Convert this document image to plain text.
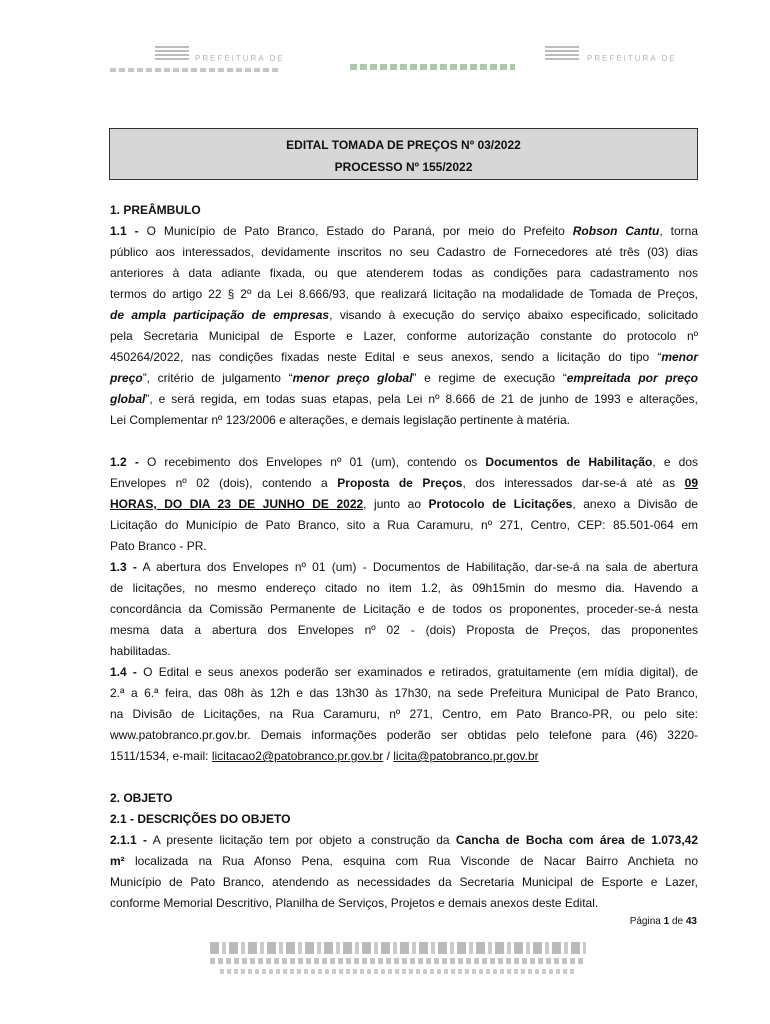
PREFEITURA DE	PREFEITURA DE
EDITAL TOMADA DE PREÇOS Nº 03/2022
PROCESSO Nº 155/2022
1. PREÂMBULO
1.1 - O Município de Pato Branco, Estado do Paraná, por meio do Prefeito Robson Cantu, torna
público aos interessados, devidamente inscritos no seu Cadastro de Fornecedores até três (03) dias
anteriores à data adiante fixada, ou que atenderem todas as condições para cadastramento nos
termos do artigo 22 § 2º da Lei 8.666/93, que realizará licitação na modalidade de Tomada de Preços,
de ampla participação de empresas, visando à execução do serviço abaixo especificado, solicitado
pela Secretaria Municipal de Esporte e Lazer, conforme autorização constante do protocolo nº
450264/2022, nas condições fixadas neste Edital e seus anexos, sendo a licitação do tipo “menor
preço”, critério de julgamento “menor preço global” e regime de execução “empreitada por preço
global”, e será regida, em todas suas etapas, pela Lei nº 8.666 de 21 de junho de 1993 e alterações,
Lei Complementar nº 123/2006 e alterações, e demais legislação pertinente à matéria.
1.2 - O recebimento dos Envelopes nº 01 (um), contendo os Documentos de Habilitação, e dos
Envelopes nº 02 (dois), contendo a Proposta de Preços, dos interessados dar-se-á até as 09
HORAS, DO DIA 23 DE JUNHO DE 2022, junto ao Protocolo de Licitações, anexo a Divisão de
Licitação do Município de Pato Branco, sito a Rua Caramuru, nº 271, Centro, CEP: 85.501-064 em
Pato Branco - PR.
1.3 - A abertura dos Envelopes nº 01 (um) - Documentos de Habilitação, dar-se-á na sala de abertura
de licitações, no mesmo endereço citado no item 1.2, às 09h15min do mesmo dia. Havendo a
concordância da Comissão Permanente de Licitação e de todos os proponentes, proceder-se-á nesta
mesma data a abertura dos Envelopes nº 02 - (dois) Proposta de Preços, das proponentes
habilitadas.
1.4 - O Edital e seus anexos poderão ser examinados e retirados, gratuitamente (em mídia digital), de
2.ª a 6.ª feira, das 08h às 12h e das 13h30 às 17h30, na sede Prefeitura Municipal de Pato Branco,
na Divisão de Licitações, na Rua Caramuru, nº 271, Centro, em Pato Branco-PR, ou pelo site:
www.patobranco.pr.gov.br. Demais informações poderão ser obtidas pelo telefone para (46) 3220-
1511/1534, e-mail: licitacao2@patobranco.pr.gov.br / licita@patobranco.pr.gov.br
2. OBJETO
2.1 - DESCRIÇÕES DO OBJETO
2.1.1 - A presente licitação tem por objeto a construção da Cancha de Bocha com área de 1.073,42
m² localizada na Rua Afonso Pena, esquina com Rua Visconde de Nacar Bairro Anchieta no
Município de Pato Branco, atendendo as necessidades da Secretaria Municipal de Esporte e Lazer,
conforme Memorial Descritivo, Planilha de Serviços, Projetos e demais anexos deste Edital.
Página 1 de 43
